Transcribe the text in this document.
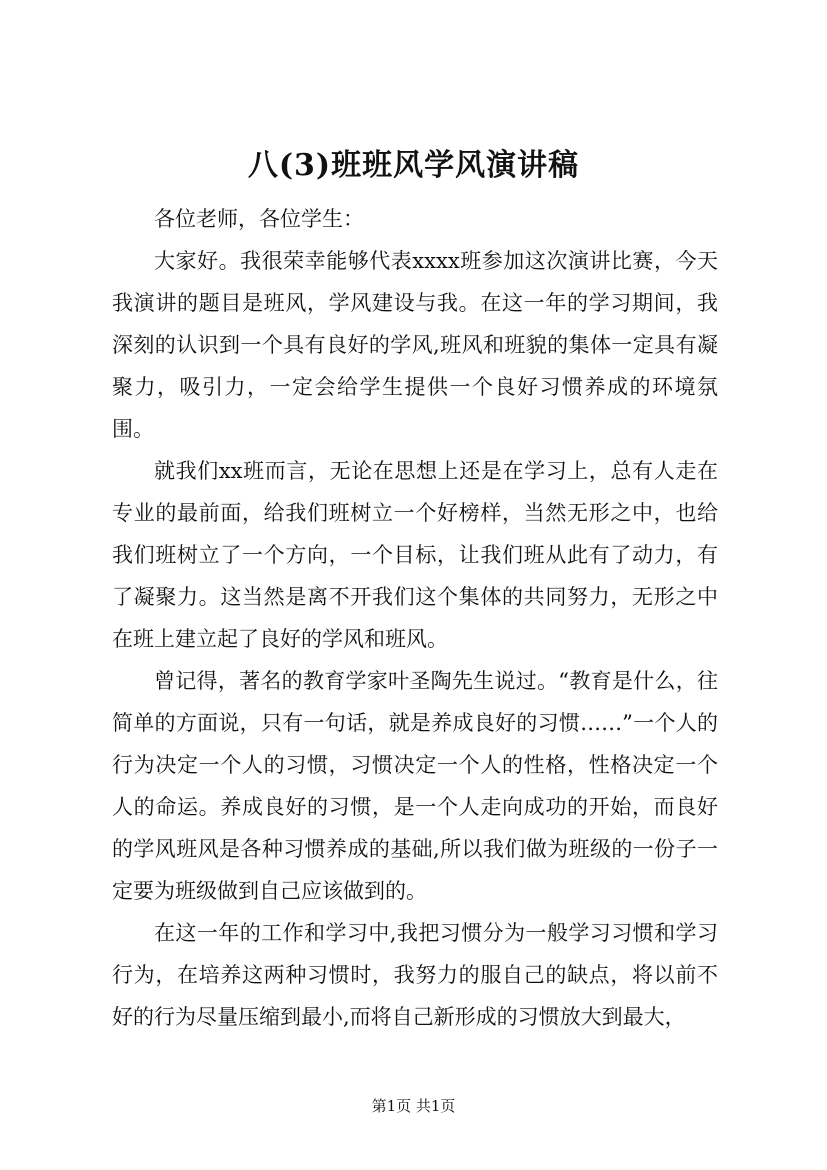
八(3)班班风学风演讲稿

各位老师，各位学生：

大家好。我很荣幸能够代表xxxx班参加这次演讲比赛，今天我演讲的题目是班风，学风建设与我。在这一年的学习期间，我深刻的认识到一个具有良好的学风,班风和班貌的集体一定具有凝聚力，吸引力，一定会给学生提供一个良好习惯养成的环境氛围。

就我们xx班而言，无论在思想上还是在学习上，总有人走在专业的最前面，给我们班树立一个好榜样，当然无形之中，也给我们班树立了一个方向，一个目标，让我们班从此有了动力，有了凝聚力。这当然是离不开我们这个集体的共同努力，无形之中在班上建立起了良好的学风和班风。

曾记得，著名的教育学家叶圣陶先生说过。“教育是什么，往简单的方面说，只有一句话，就是养成良好的习惯……”一个人的行为决定一个人的习惯，习惯决定一个人的性格，性格决定一个人的命运。养成良好的习惯，是一个人走向成功的开始，而良好的学风班风是各种习惯养成的基础,所以我们做为班级的一份子一定要为班级做到自己应该做到的。

在这一年的工作和学习中,我把习惯分为一般学习习惯和学习行为，在培养这两种习惯时，我努力的服自己的缺点，将以前不好的行为尽量压缩到最小,而将自己新形成的习惯放大到最大，

第1页 共1页
